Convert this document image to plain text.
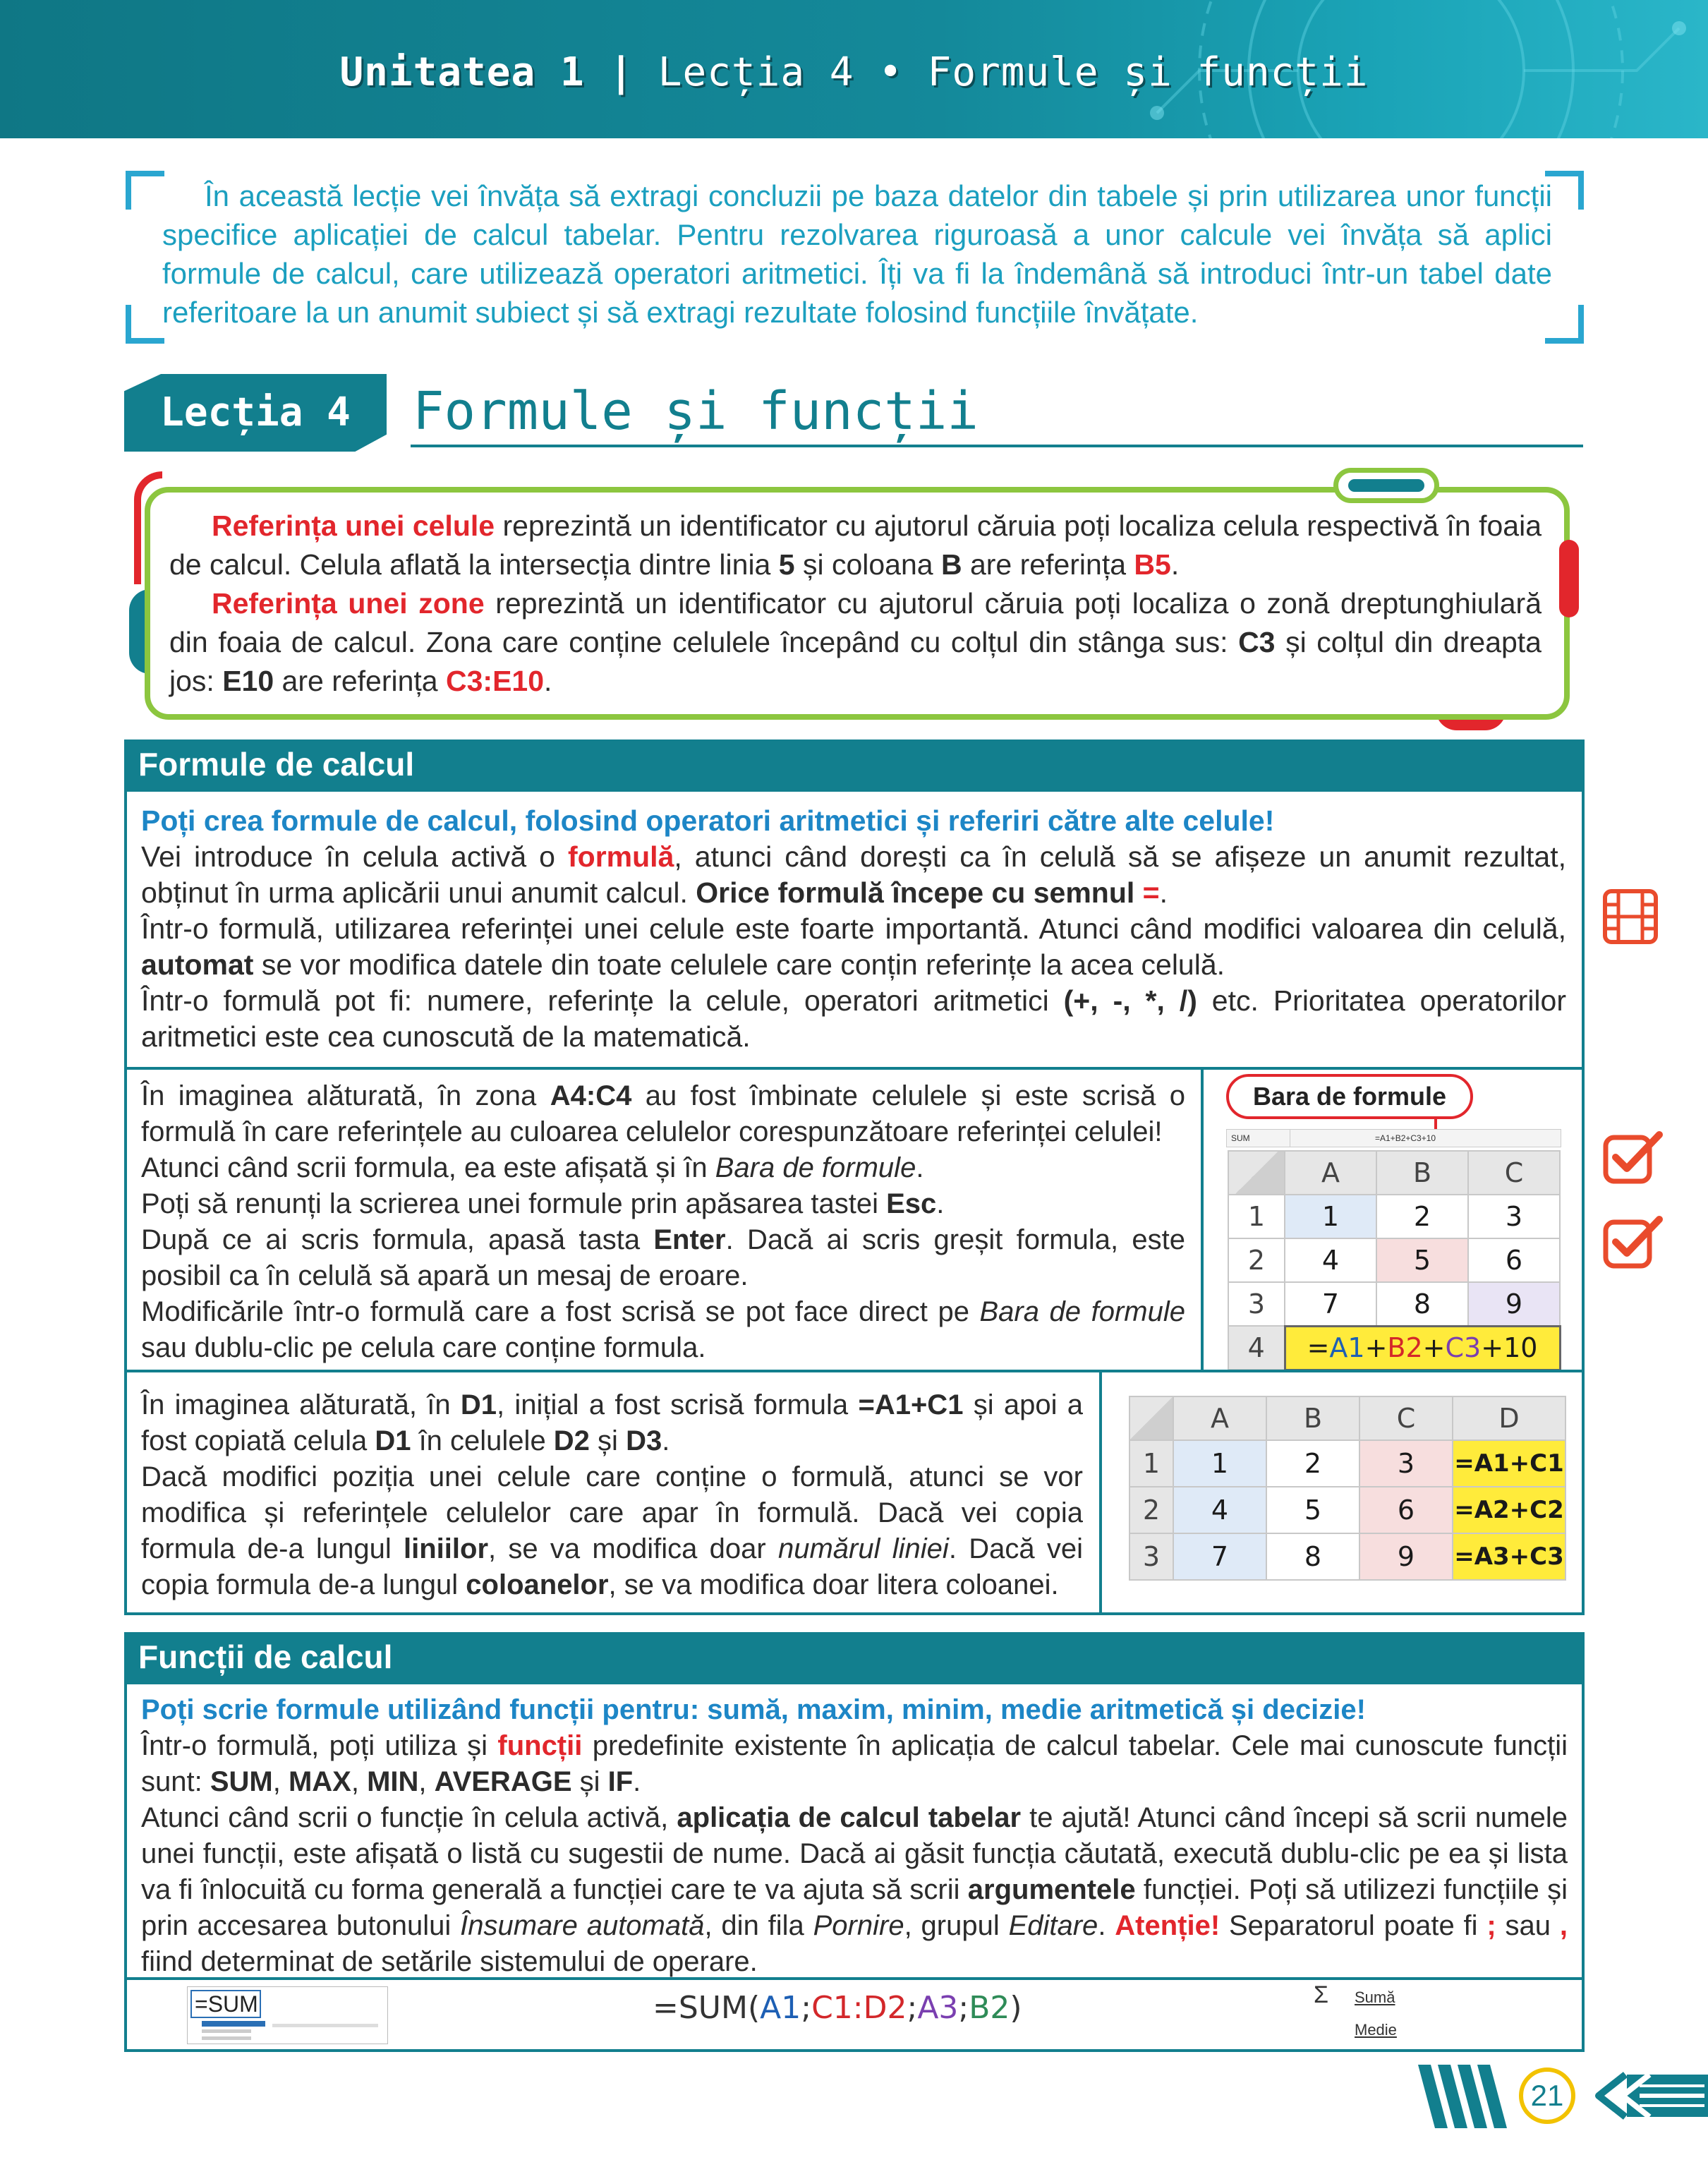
Unitatea 1 | Lecția 4 • Formule și funcții

În această lecție vei învăța să extragi concluzii pe baza datelor din tabele și prin utilizarea unor funcții specifice aplicației de calcul tabelar. Pentru rezolvarea riguroasă a unor calcule vei învăța să aplici formule de calcul, care utilizează operatori aritmetici. Îți va fi la îndemână să introduci într-un tabel date referitoare la un anumit subiect și să extragi rezultate folosind funcțiile învățate.

Lecția 4	Formule și funcții

Referința unei celule reprezintă un identificator cu ajutorul căruia poți localiza celula respectivă în foaia de calcul. Celula aflată la intersecția dintre linia 5 și coloana B are referința B5.

Referința unei zone reprezintă un identificator cu ajutorul căruia poți localiza o zonă dreptunghiulară din foaia de calcul. Zona care conține celulele începând cu colțul din stânga sus: C3 și colțul din dreapta jos: E10 are referința C3:E10.

Formule de calcul
Poți crea formule de calcul, folosind operatori aritmetici și referiri către alte celule!
Vei introduce în celula activă o formulă, atunci când dorești ca în celulă să se afișeze un anumit rezultat, obținut în urma aplicării unui anumit calcul. Orice formulă începe cu semnul =.
Într-o formulă, utilizarea referinței unei celule este foarte importantă. Atunci când modifici valoarea din celulă, automat se vor modifica datele din toate celulele care conțin referințe la acea celulă.
Într-o formulă pot fi: numere, referințe la celule, operatori aritmetici (+, -, *, /) etc. Prioritatea operatorilor aritmetici este cea cunoscută de la matematică.
În imaginea alăturată, în zona A4:C4 au fost îmbinate celulele și este scrisă o formulă în care referințele au culoarea celulelor corespunzătoare referinței celulei!
Atunci când scrii formula, ea este afișată și în Bara de formule.
Poți să renunți la scrierea unei formule prin apăsarea tastei Esc.
După ce ai scris formula, apasă tasta Enter. Dacă ai scris greșit formula, este posibil ca în celulă să apară un mesaj de eroare.
Modificările într-o formulă care a fost scrisă se pot face direct pe Bara de formule sau dublu-clic pe celula care conține formula.
Bara de formule
SUM	=A1+B2+C3+10
	A	B	C
1	1	2	3
2	4	5	6
3	7	8	9
4	=A1+B2+C3+10		
În imaginea alăturată, în D1, inițial a fost scrisă formula =A1+C1 și apoi a fost copiată celula D1 în celulele D2 și D3.
Dacă modifici poziția unei celule care conține o formulă, atunci se vor modifica și referințele celulelor care apar în formulă. Dacă vei copia formula de-a lungul liniilor, se va modifica doar numărul liniei. Dacă vei copia formula de-a lungul coloanelor, se va modifica doar litera coloanei.
	A	B	C	D
1	1	2	3	=A1+C1
2	4	5	6	=A2+C2
3	7	8	9	=A3+C3
Funcții de calcul
Poți scrie formule utilizând funcții pentru: sumă, maxim, minim, medie aritmetică și decizie!
Într-o formulă, poți utiliza și funcții predefinite existente în aplicația de calcul tabelar. Cele mai cunoscute funcții sunt: SUM, MAX, MIN, AVERAGE și IF.
Atunci când scrii o funcție în celula activă, aplicația de calcul tabelar te ajută! Atunci când începi să scrii numele unei funcții, este afișată o listă cu sugestii de nume. Dacă ai găsit funcția căutată, execută dublu-clic pe ea și lista va fi înlocuită cu forma generală a funcției care te va ajuta să scrii argumentele funcției. Poți să utilizezi funcțiile și prin accesarea butonului Însumare automată, din fila Pornire, grupul Editare. Atenție! Separatorul poate fi ; sau , fiind determinat de setările sistemului de operare.
=SUM	=SUM(A1;C1:D2;A3;B2)	Σ Sumă
Medie
21
